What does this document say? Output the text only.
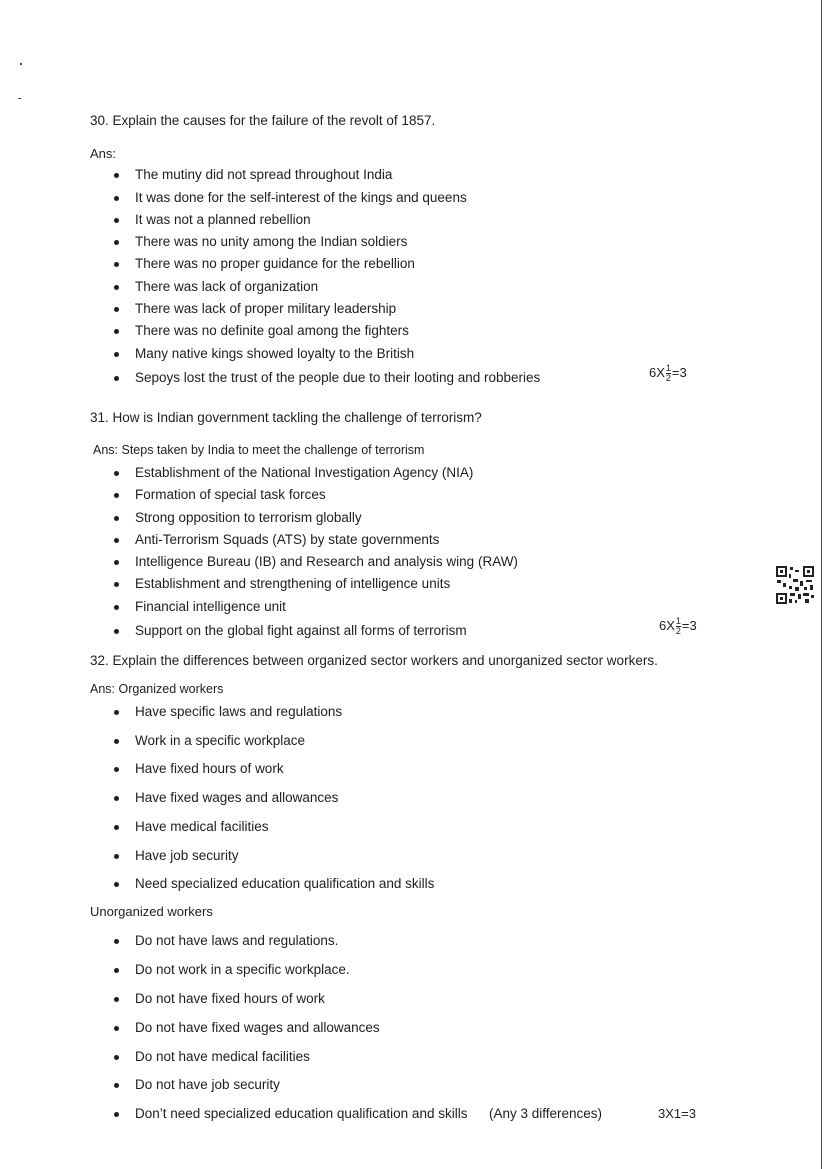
30. Explain the causes for the failure of the revolt of 1857.
Ans:
The mutiny did not spread throughout India
It was done for the self-interest of the kings and queens
It was not a planned rebellion
There was no unity among the Indian soldiers
There was no proper guidance for the rebellion
There was lack of organization
There was lack of proper military leadership
There was no definite goal among the fighters
Many native kings showed loyalty to the British
Sepoys lost the trust of the people due to their looting and robberies	$6X \frac{1}{2} =3$
31. How is Indian government tackling the challenge of terrorism?
Ans: Steps taken by India to meet the challenge of terrorism
Establishment of the National Investigation Agency (NIA)
Formation of special task forces
Strong opposition to terrorism globally
Anti-Terrorism Squads (ATS) by state governments
Intelligence Bureau (IB) and Research and analysis wing (RAW)
Establishment and strengthening of intelligence units
Financial intelligence unit
Support on the global fight against all forms of terrorism	$6X \frac{1}{2} =3$
32. Explain the differences between organized sector workers and unorganized sector workers.
Ans: Organized workers
Have specific laws and regulations
Work in a specific workplace
Have fixed hours of work
Have fixed wages and allowances
Have medical facilities
Have job security
Need specialized education qualification and skills
Unorganized workers
Do not have laws and regulations.
Do not work in a specific workplace.
Do not have fixed hours of work
Do not have fixed wages and allowances
Do not have medical facilities
Do not have job security
Don’t need specialized education qualification and skills (Any 3 differences)	3X1=3
